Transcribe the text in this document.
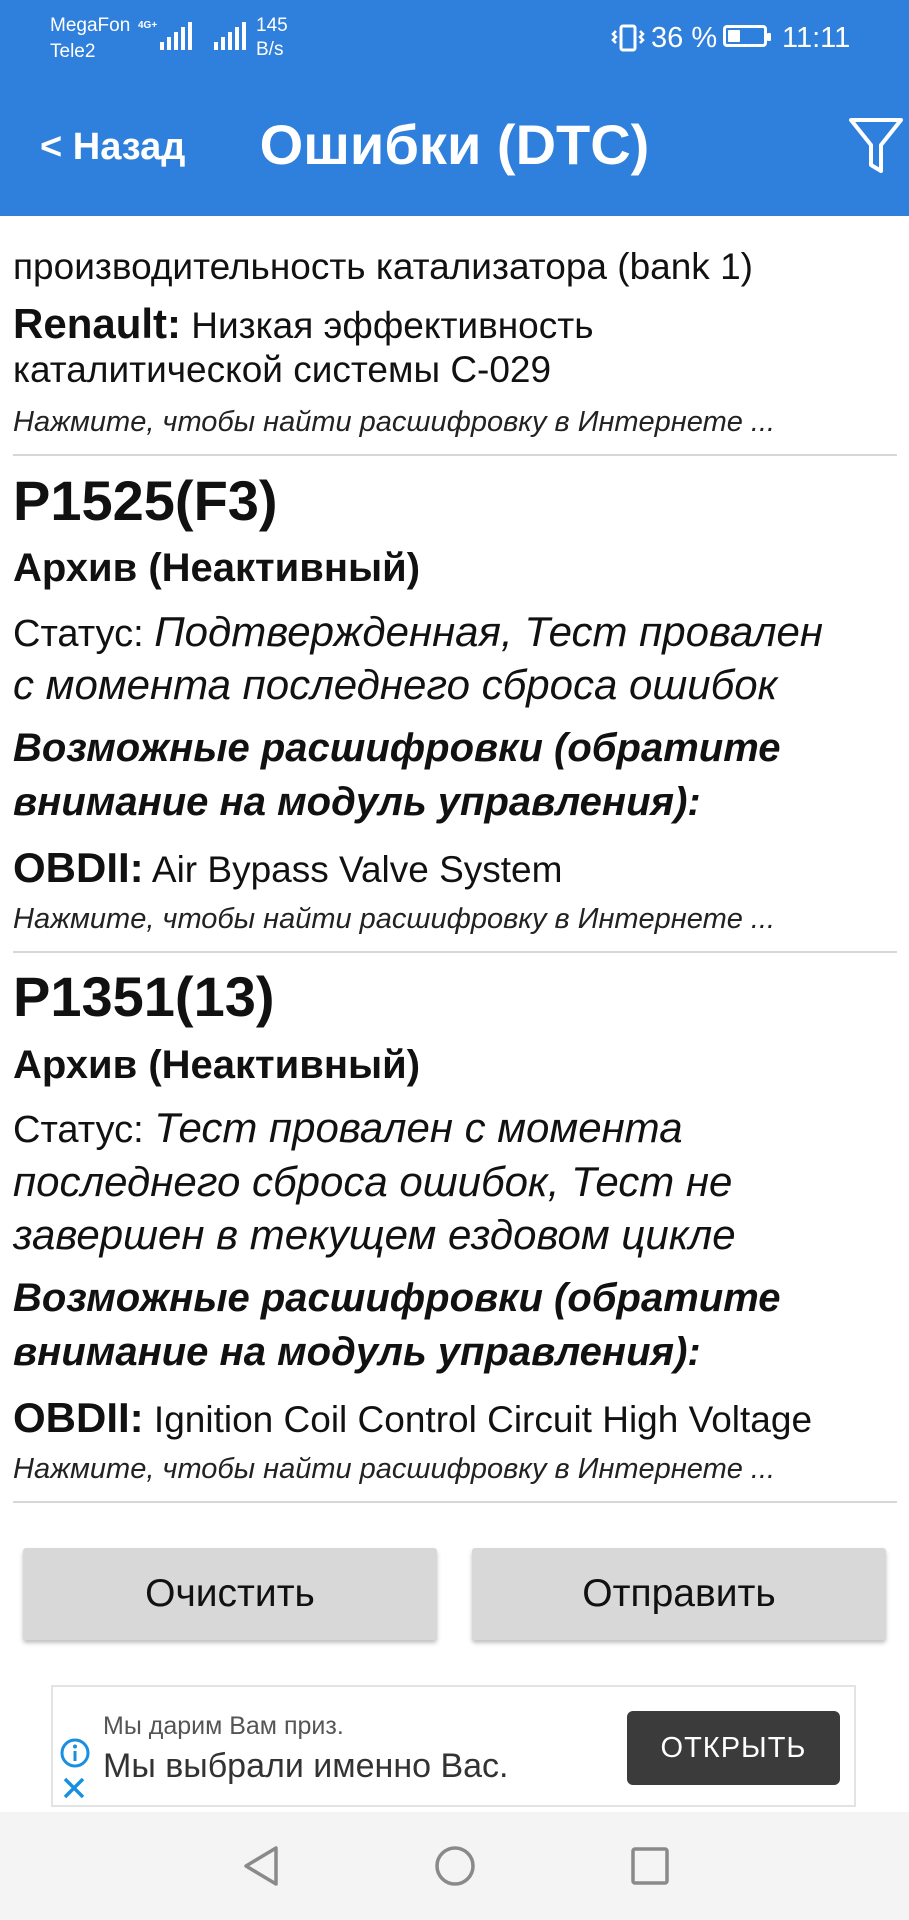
MegaFon
Tele2
4G+	145
B/s	36 % 11:11
< Назад	Ошибки (DTC)
производительность катализатора (bank 1)
Renault: Низкая эффективность
каталитической системы C-029
Нажмите, чтобы найти расшифровку в Интернете ...
P1525(F3)
Архив (Неактивный)
Статус: Подтвержденная, Тест провален
с момента последнего сброса ошибок
Возможные расшифровки (обратите
внимание на модуль управления):
OBDII: Air Bypass Valve System
Нажмите, чтобы найти расшифровку в Интернете ...
P1351(13)
Архив (Неактивный)
Статус: Тест провален с момента
последнего сброса ошибок, Тест не
завершен в текущем ездовом цикле
Возможные расшифровки (обратите
внимание на модуль управления):
OBDII: Ignition Coil Control Circuit High Voltage
Нажмите, чтобы найти расшифровку в Интернете ...
Очистить	Отправить
Мы дарим Вам приз.
Мы выбрали именно Вас.	ОТКРЫТЬ
